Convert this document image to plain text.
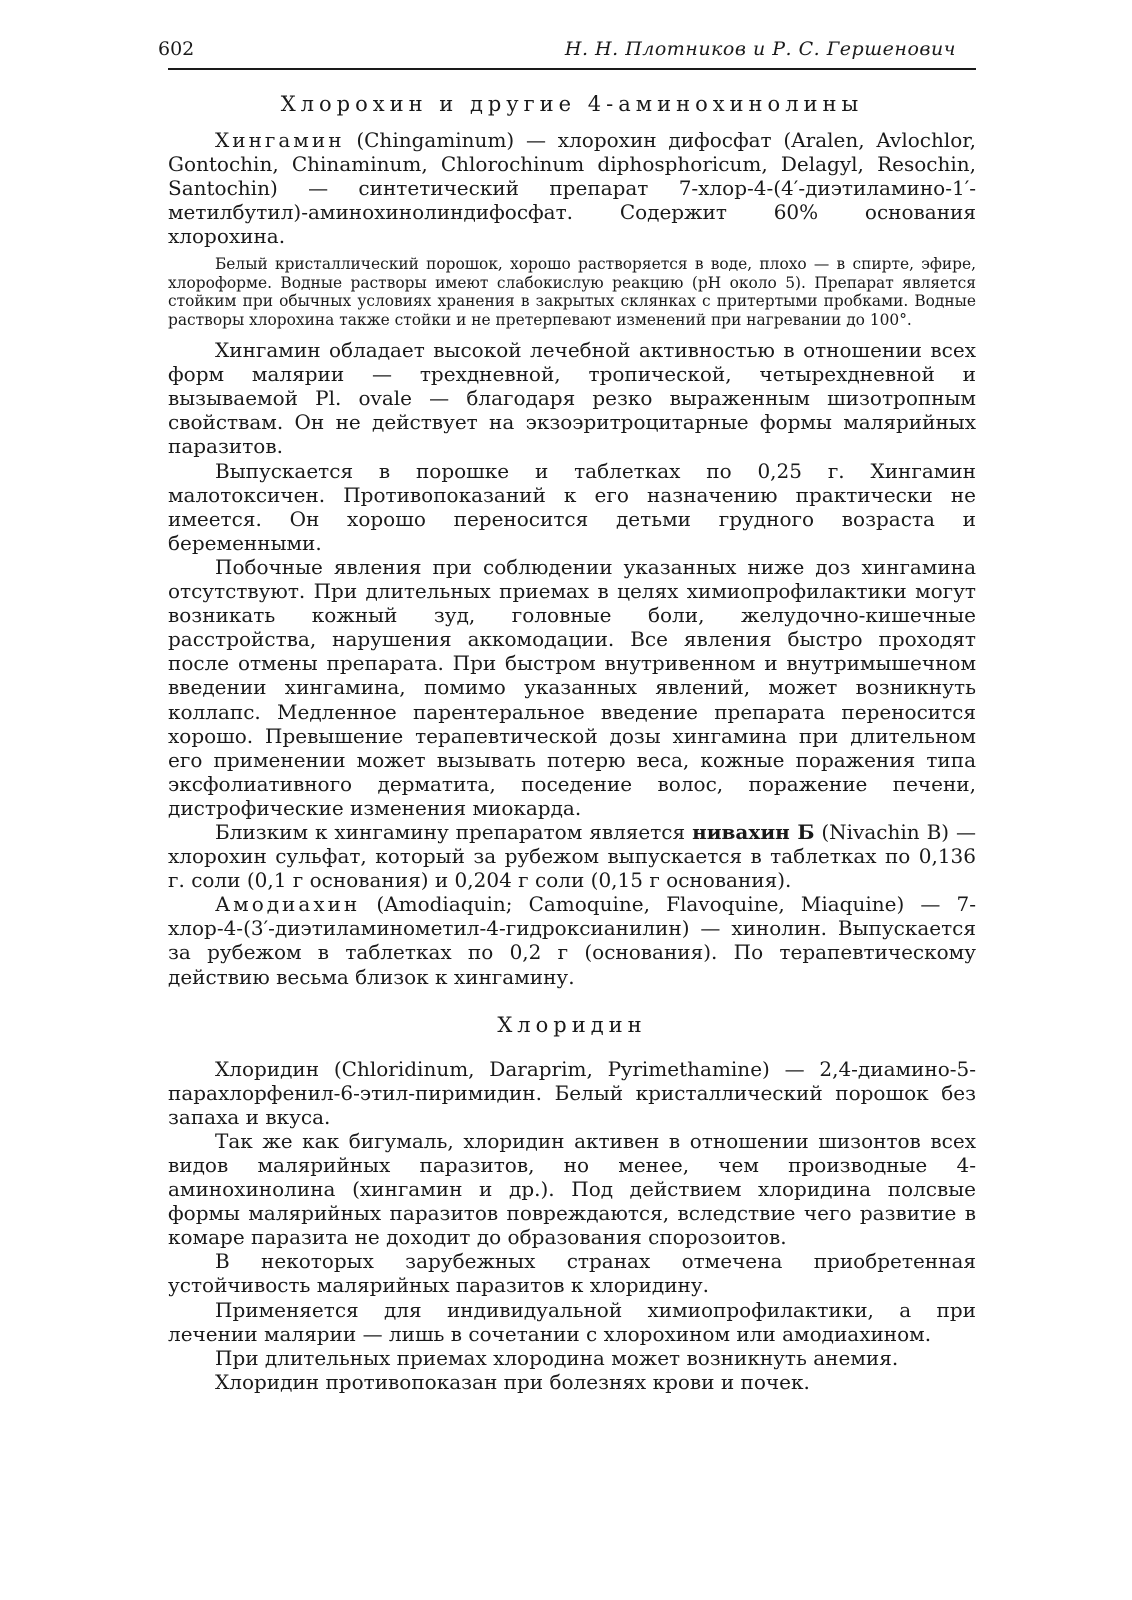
602	Н. Н. Плотников и Р. С. Гершенович
Хлорохин и другие 4-аминохинолины

Хингамин (Chingaminum) — хлорохин дифосфат (Aralen, Avlochlor, Gontochin, Chinaminum, Chlorochinum diphosphoricum, Delagyl, Resochin, Santochin) — синтетический препарат 7-хлор-4-(4′-диэтиламино-1′-метилбутил)-аминохинолиндифосфат. Содержит 60% основания хлорохина.

Белый кристаллический порошок, хорошо растворяется в воде, плохо — в спирте, эфире, хлороформе. Водные растворы имеют слабокислую реакцию (pH около 5). Препарат является стойким при обычных условиях хранения в закрытых склянках с притертыми пробками. Водные растворы хлорохина также стойки и не претерпевают изменений при нагревании до 100°.

Хингамин обладает высокой лечебной активностью в отношении всех форм малярии — трехдневной, тропической, четырехдневной и вызываемой Pl. ovale — благодаря резко выраженным шизотропным свойствам. Он не действует на экзоэритроцитарные формы малярийных паразитов.

Выпускается в порошке и таблетках по 0,25 г. Хингамин малотоксичен. Противопоказаний к его назначению практически не имеется. Он хорошо переносится детьми грудного возраста и беременными.

Побочные явления при соблюдении указанных ниже доз хингамина отсутствуют. При длительных приемах в целях химиопрофилактики могут возникать кожный зуд, головные боли, желудочно-кишечные расстройства, нарушения аккомодации. Все явления быстро проходят после отмены препарата. При быстром внутривенном и внутримышечном введении хингамина, помимо указанных явлений, может возникнуть коллапс. Медленное парентеральное введение препарата переносится хорошо. Превышение терапевтической дозы хингамина при длительном его применении может вызывать потерю веса, кожные поражения типа эксфолиативного дерматита, поседение волос, поражение печени, дистрофические изменения миокарда.

Близким к хингамину препаратом является нивахин Б (Nivachin B) — хлорохин сульфат, который за рубежом выпускается в таблетках по 0,136 г. соли (0,1 г основания) и 0,204 г соли (0,15 г основания).

Амодиахин (Amodiaquin; Camoquine, Flavoquine, Miaquine) — 7-хлор-4-(3′-диэтиламинометил-4-гидроксианилин) — хинолин. Выпускается за рубежом в таблетках по 0,2 г (основания). По терапевтическому действию весьма близок к хингамину.

Хлоридин

Хлоридин (Chloridinum, Daraprim, Pyrimethamine) — 2,4-диамино-5-парахлорфенил-6-этил-пиримидин. Белый кристаллический порошок без запаха и вкуса.

Так же как бигумаль, хлоридин активен в отношении шизонтов всех видов малярийных паразитов, но менее, чем производные 4-аминохинолина (хингамин и др.). Под действием хлоридина полсвые формы малярийных паразитов повреждаются, вследствие чего развитие в комаре паразита не доходит до образования спорозоитов.

В некоторых зарубежных странах отмечена приобретенная устойчивость малярийных паразитов к хлоридину.

Применяется для индивидуальной химиопрофилактики, а при лечении малярии — лишь в сочетании с хлорохином или амодиахином.

При длительных приемах хлородина может возникнуть анемия.

Хлоридин противопоказан при болезнях крови и почек.
